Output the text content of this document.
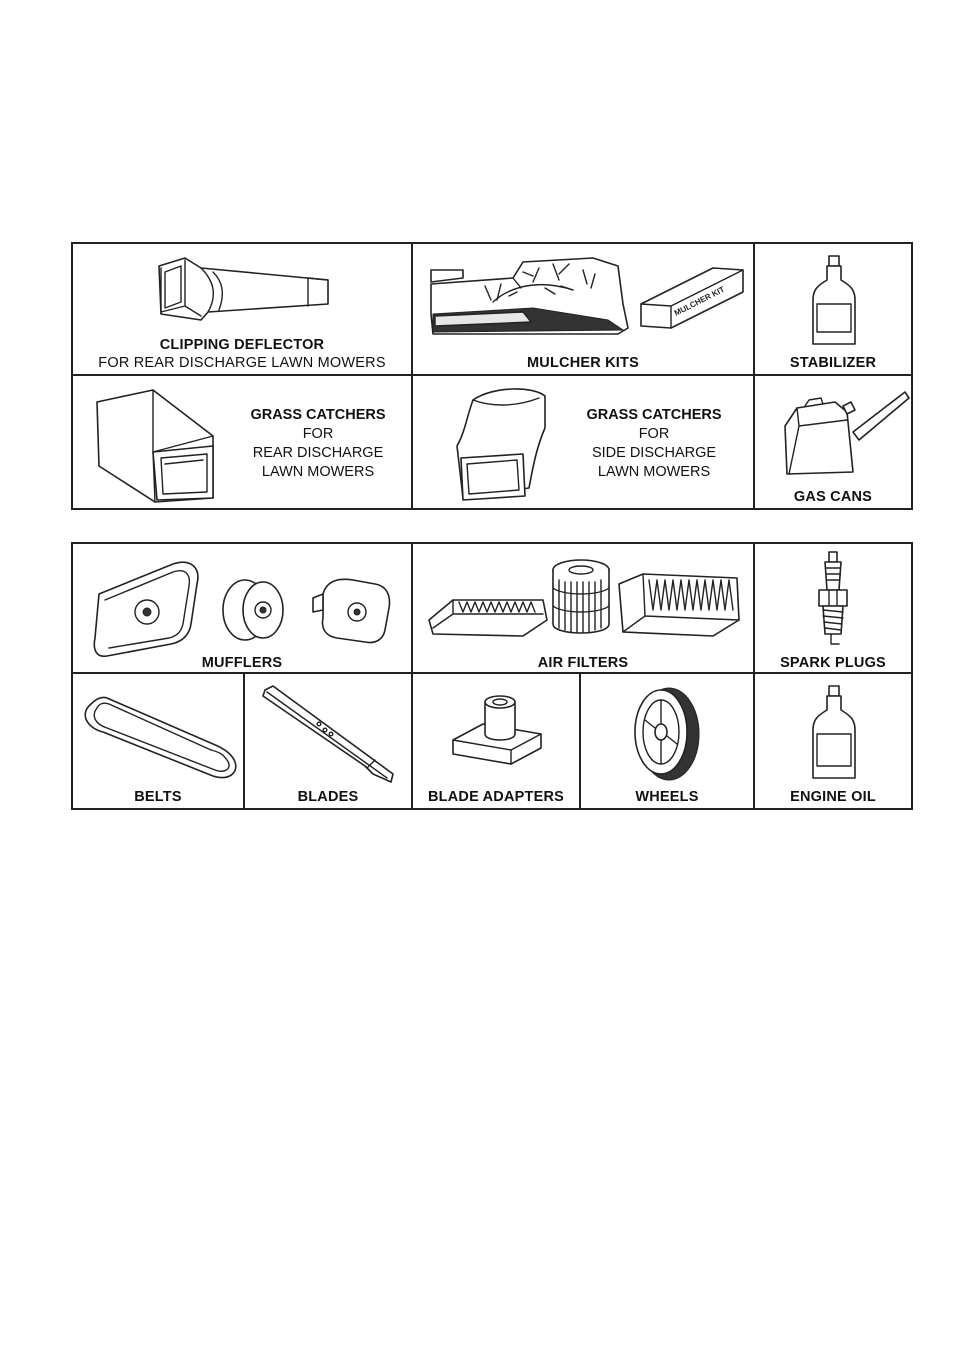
CLIPPING DEFLECTOR
FOR REAR DISCHARGE LAWN MOWERS
MULCHER KIT
MULCHER KITS	STABILIZER
GRASS CATCHERS
FOR
REAR DISCHARGE
LAWN MOWERS
GRASS CATCHERS
FOR
SIDE DISCHARGE
LAWN MOWERS
GAS CANS
MUFFLERS	AIR FILTERS	SPARK PLUGS
BELTS	BLADES	BLADE ADAPTERS	WHEELS	ENGINE OIL
